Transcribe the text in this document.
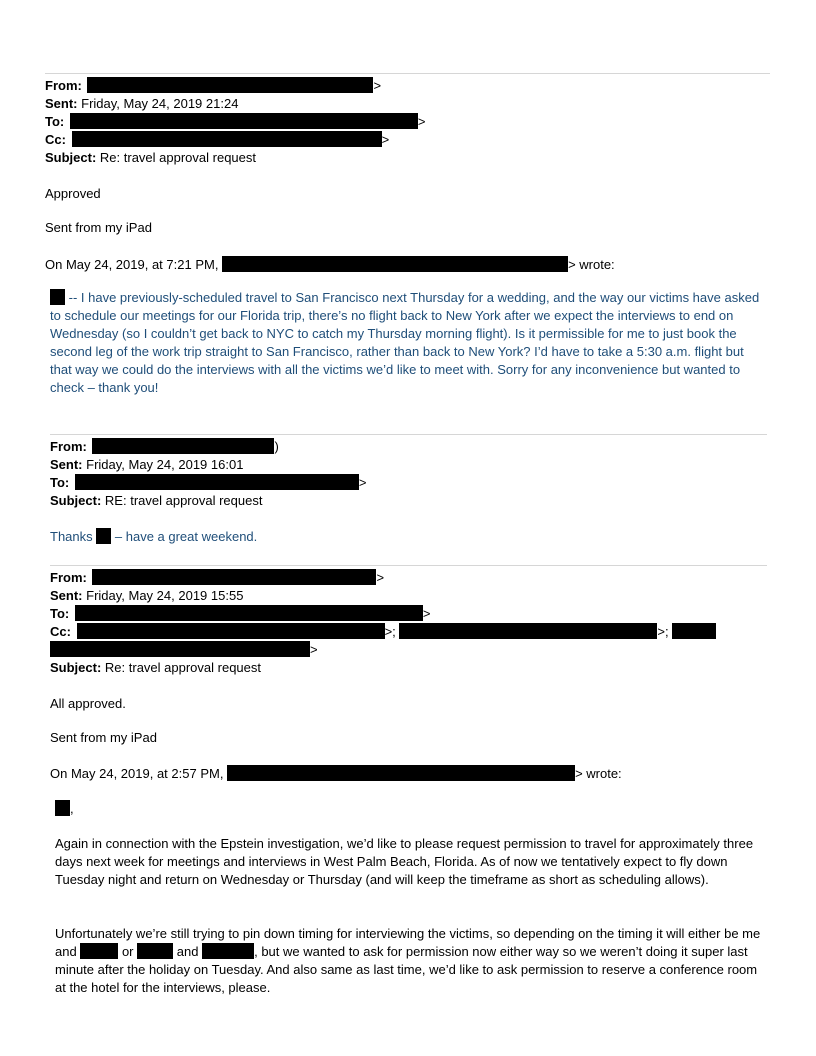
From:	>
Sent: Friday, May 24, 2019 21:24
To:	>
Cc:	>
Subject: Re: travel approval request
Approved
Sent from my iPad
On May 24, 2019, at 7:21 PM,	> wrote:
-- I have previously-scheduled travel to San Francisco next Thursday for a wedding, and the way our victims have asked to schedule our meetings for our Florida trip, there’s no flight back to New York after we expect the interviews to end on Wednesday (so I couldn’t get back to NYC to catch my Thursday morning flight). Is it permissible for me to just book the second leg of the work trip straight to San Francisco, rather than back to New York? I’d have to take a 5:30 a.m. flight but that way we could do the interviews with all the victims we’d like to meet with. Sorry for any inconvenience but wanted to check – thank you!
From:	)
Sent: Friday, May 24, 2019 16:01
To:	>
Subject: RE: travel approval request
Thanks – have a great weekend.
From:	>
Sent: Friday, May 24, 2019 15:55
To:	>
Cc:	>;	>;
>
Subject: Re: travel approval request
All approved.
Sent from my iPad
On May 24, 2019, at 2:57 PM,	> wrote:
,
Again in connection with the Epstein investigation, we’d like to please request permission to travel for approximately three days next week for meetings and interviews in West Palm Beach, Florida. As of now we tentatively expect to fly down Tuesday night and return on Wednesday or Thursday (and will keep the timeframe as short as scheduling allows).
Unfortunately we’re still trying to pin down timing for interviewing the victims, so depending on the timing it will either be me and	or	and	, but we wanted to ask for permission now either way so we weren’t doing it super last minute after the holiday on Tuesday. And also same as last time, we’d like to ask permission to reserve a conference room at the hotel for the interviews, please.
